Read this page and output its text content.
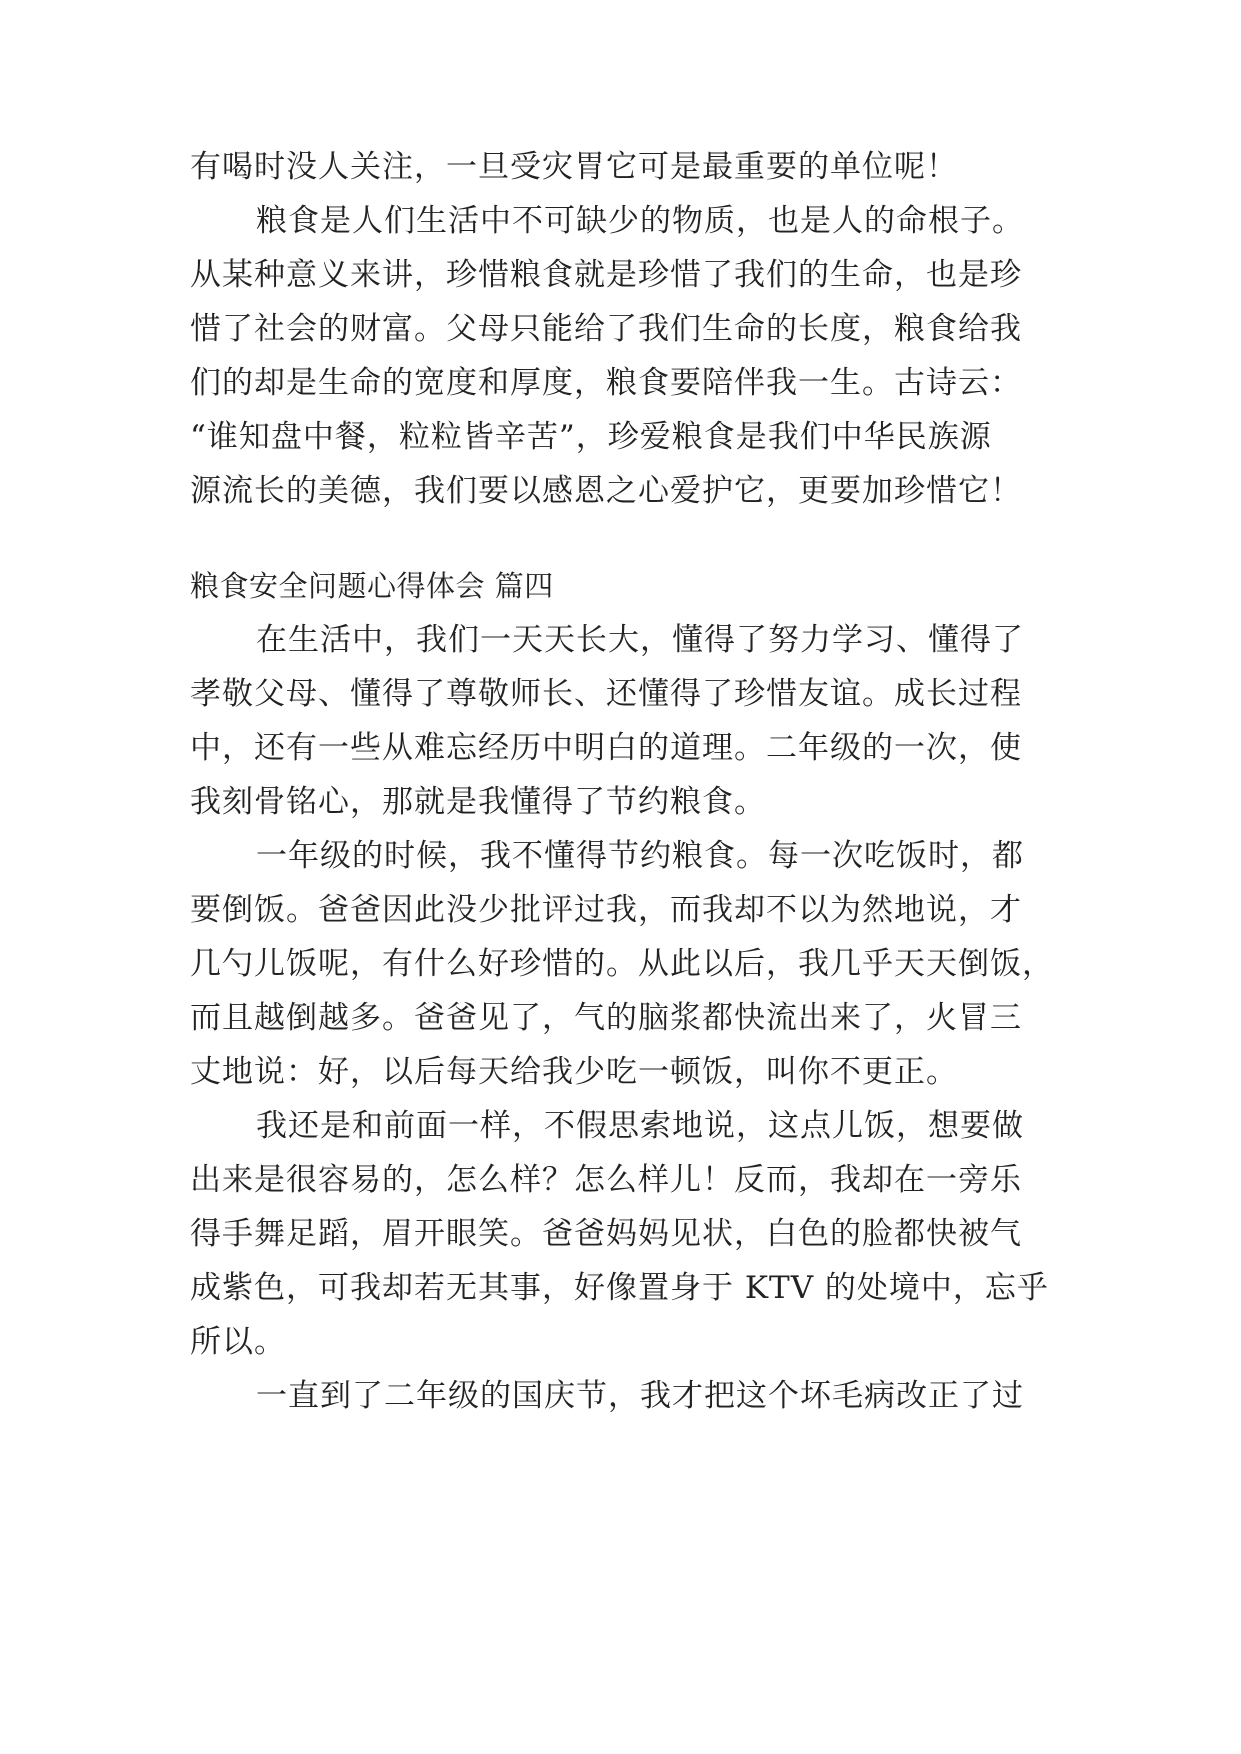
有喝时没人关注，一旦受灾胃它可是最重要的单位呢！
粮食是人们生活中不可缺少的物质，也是人的命根子。
从某种意义来讲，珍惜粮食就是珍惜了我们的生命，也是珍
惜了社会的财富。父母只能给了我们生命的长度，粮食给我
们的却是生命的宽度和厚度，粮食要陪伴我一生。古诗云：
“谁知盘中餐，粒粒皆辛苦”，珍爱粮食是我们中华民族源
源流长的美德，我们要以感恩之心爱护它，更要加珍惜它！
粮食安全问题心得体会 篇四
在生活中，我们一天天长大，懂得了努力学习、懂得了
孝敬父母、懂得了尊敬师长、还懂得了珍惜友谊。成长过程
中，还有一些从难忘经历中明白的道理。二年级的一次，使
我刻骨铭心，那就是我懂得了节约粮食。
一年级的时候，我不懂得节约粮食。每一次吃饭时，都
要倒饭。爸爸因此没少批评过我，而我却不以为然地说，才
几勺儿饭呢，有什么好珍惜的。从此以后，我几乎天天倒饭，
而且越倒越多。爸爸见了，气的脑浆都快流出来了，火冒三
丈地说：好，以后每天给我少吃一顿饭，叫你不更正。
我还是和前面一样，不假思索地说，这点儿饭，想要做
出来是很容易的，怎么样？怎么样儿！反而，我却在一旁乐
得手舞足蹈，眉开眼笑。爸爸妈妈见状，白色的脸都快被气
成紫色，可我却若无其事，好像置身于 KTV 的处境中，忘乎
所以。
一直到了二年级的国庆节，我才把这个坏毛病改正了过
